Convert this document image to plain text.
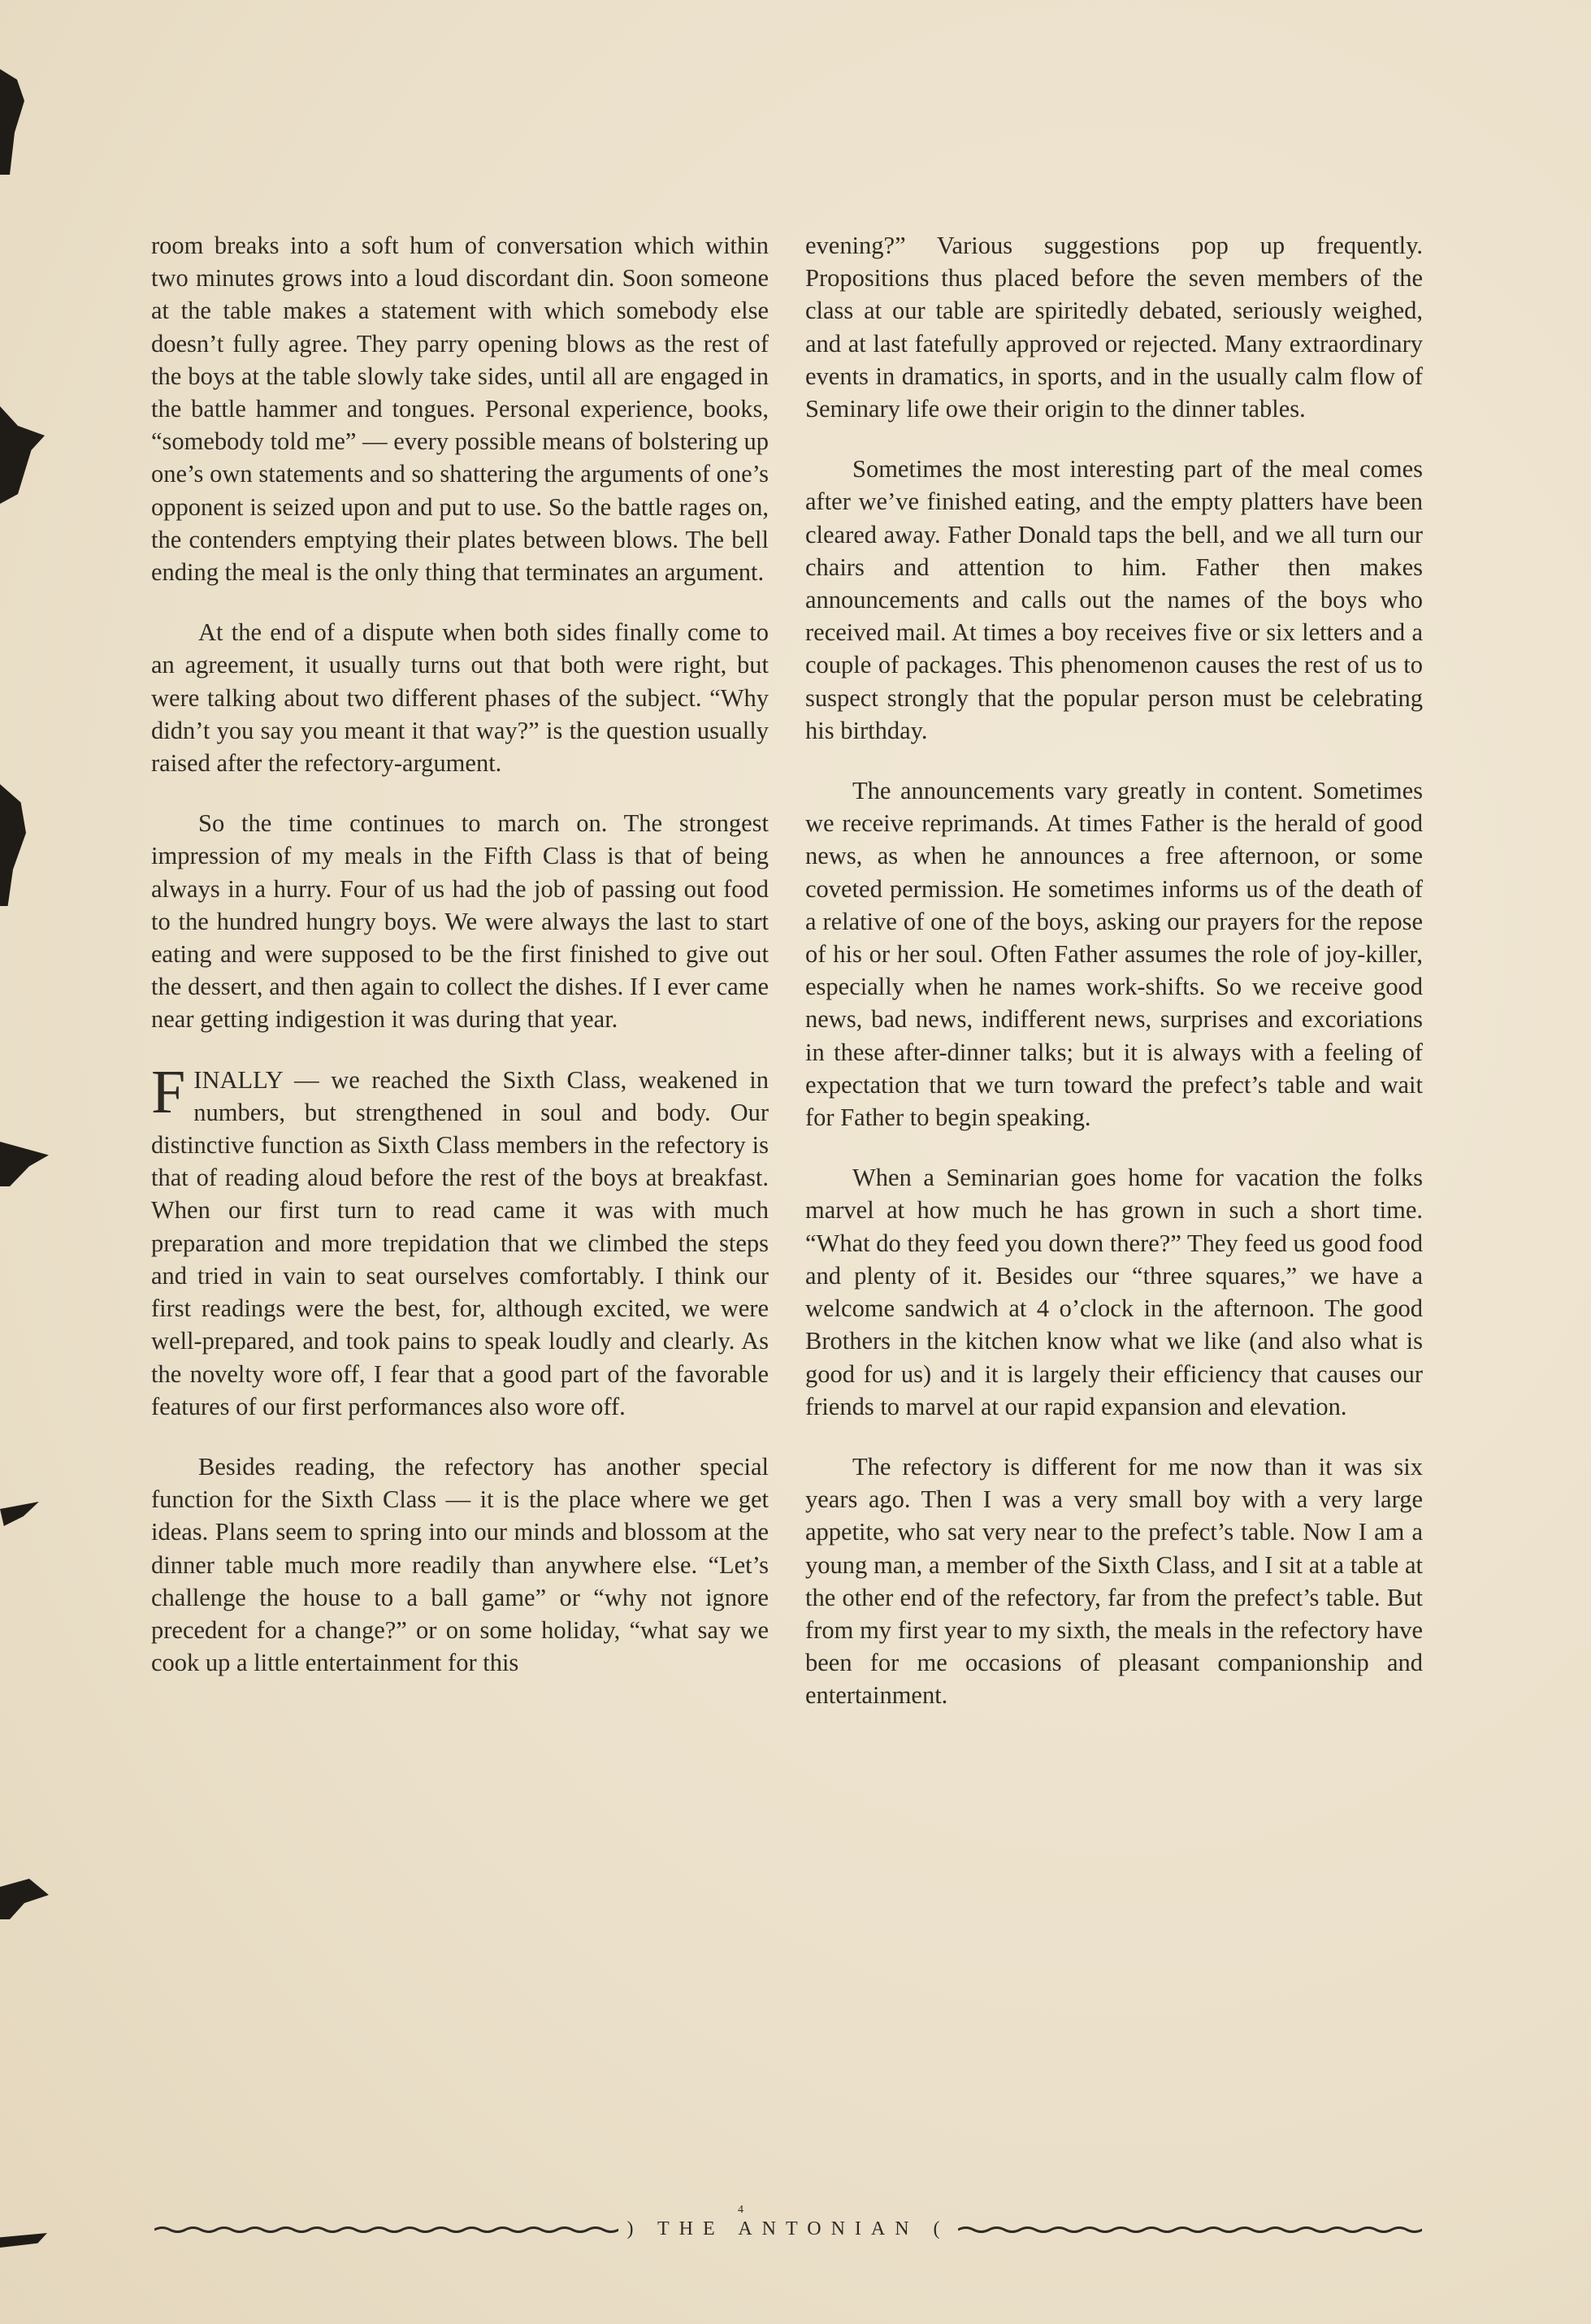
room breaks into a soft hum of conversation which within two minutes grows into a loud discordant din. Soon someone at the table makes a statement with which somebody else doesn’t fully agree. They parry opening blows as the rest of the boys at the table slowly take sides, until all are engaged in the battle hammer and tongues. Personal experience, books, “somebody told me” — every possible means of bolstering up one’s own statements and so shattering the arguments of one’s opponent is seized upon and put to use. So the battle rages on, the contenders emptying their plates between blows. The bell ending the meal is the only thing that terminates an argument.

At the end of a dispute when both sides finally come to an agreement, it usually turns out that both were right, but were talking about two different phases of the subject. “Why didn’t you say you meant it that way?” is the question usually raised after the refectory-argument.

So the time continues to march on. The strongest impression of my meals in the Fifth Class is that of being always in a hurry. Four of us had the job of passing out food to the hundred hungry boys. We were always the last to start eating and were supposed to be the first finished to give out the dessert, and then again to collect the dishes. If I ever came near getting indigestion it was during that year.

FINALLY — we reached the Sixth Class, weakened in numbers, but strengthened in soul and body. Our distinctive function as Sixth Class members in the refectory is that of reading aloud before the rest of the boys at breakfast. When our first turn to read came it was with much preparation and more trepidation that we climbed the steps and tried in vain to seat ourselves comfortably. I think our first readings were the best, for, although excited, we were well-prepared, and took pains to speak loudly and clearly. As the novelty wore off, I fear that a good part of the favorable features of our first performances also wore off.

Besides reading, the refectory has another special function for the Sixth Class — it is the place where we get ideas. Plans seem to spring into our minds and blossom at the dinner table much more readily than anywhere else. “Let’s challenge the house to a ball game” or “why not ignore precedent for a change?” or on some holiday, “what say we cook up a little entertainment for this

evening?” Various suggestions pop up frequently. Propositions thus placed before the seven members of the class at our table are spiritedly debated, seriously weighed, and at last fatefully approved or rejected. Many extraordinary events in dramatics, in sports, and in the usually calm flow of Seminary life owe their origin to the dinner tables.

Sometimes the most interesting part of the meal comes after we’ve finished eating, and the empty platters have been cleared away. Father Donald taps the bell, and we all turn our chairs and attention to him. Father then makes announcements and calls out the names of the boys who received mail. At times a boy receives five or six letters and a couple of packages. This phenomenon causes the rest of us to suspect strongly that the popular person must be celebrating his birthday.

The announcements vary greatly in content. Sometimes we receive reprimands. At times Father is the herald of good news, as when he announces a free afternoon, or some coveted permission. He sometimes informs us of the death of a relative of one of the boys, asking our prayers for the repose of his or her soul. Often Father assumes the role of joy-killer, especially when he names work-shifts. So we receive good news, bad news, indifferent news, surprises and excoriations in these after-dinner talks; but it is always with a feeling of expectation that we turn toward the prefect’s table and wait for Father to begin speaking.

When a Seminarian goes home for vacation the folks marvel at how much he has grown in such a short time. “What do they feed you down there?” They feed us good food and plenty of it. Besides our “three squares,” we have a welcome sandwich at 4 o’clock in the afternoon. The good Brothers in the kitchen know what we like (and also what is good for us) and it is largely their efficiency that causes our friends to marvel at our rapid expansion and elevation.

The refectory is different for me now than it was six years ago. Then I was a very small boy with a very large appetite, who sat very near to the prefect’s table. Now I am a young man, a member of the Sixth Class, and I sit at a table at the other end of the refectory, far from the prefect’s table. But from my first year to my sixth, the meals in the refectory have been for me occasions of pleasant companionship and entertainment.

4
) THE ANTONIAN (
